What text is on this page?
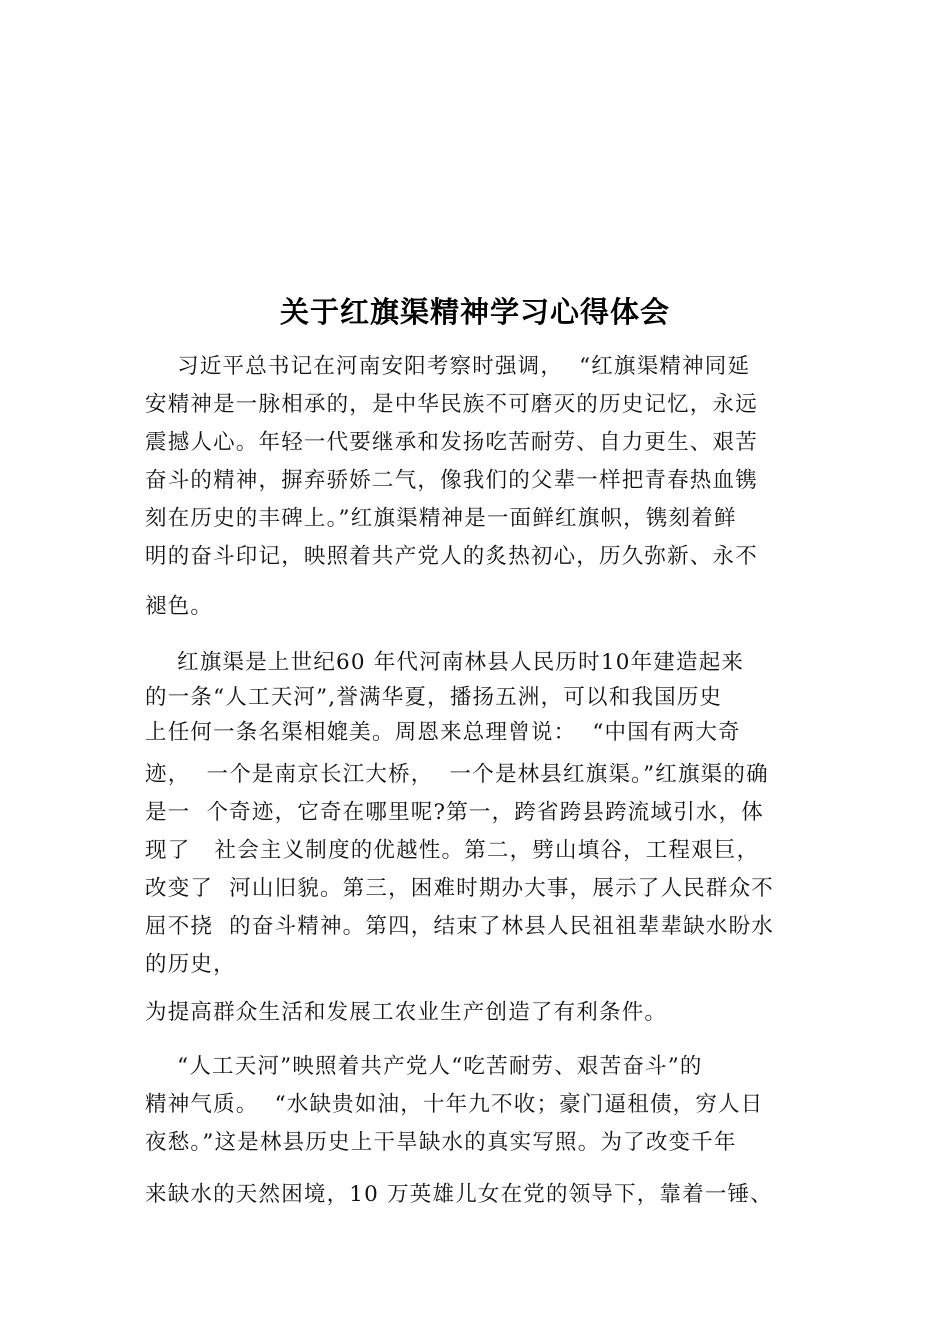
关于红旗渠精神学习心得体会
习近平总书记在河南安阳考察时强调，  “红旗渠精神同延
安精神是一脉相承的，是中华民族不可磨灭的历史记忆，永远
震撼人心。年轻一代要继承和发扬吃苦耐劳、自力更生、艰苦
奋斗的精神，摒弃骄娇二气，像我们的父辈一样把青春热血镌
刻在历史的丰碑上。”红旗渠精神是一面鲜红旗帜，镌刻着鲜
明的奋斗印记，映照着共产党人的炙热初心，历久弥新、永不
褪色。
红旗渠是上世纪60 年代河南林县人民历时10年建造起来
的一条“人工天河”,誉满华夏，播扬五洲，可以和我国历史
上任何一条名渠相媲美。周恩来总理曾说：  “中国有两大奇
迹，  一个是南京长江大桥，  一个是林县红旗渠。”红旗渠的确
是一  个奇迹，它奇在哪里呢?第一，跨省跨县跨流域引水，体
现了   社会主义制度的优越性。第二，劈山填谷，工程艰巨，
改变了  河山旧貌。第三，困难时期办大事，展示了人民群众不
屈不挠  的奋斗精神。第四，结束了林县人民祖祖辈辈缺水盼水
的历史，
为提高群众生活和发展工农业生产创造了有利条件。
“人工天河”映照着共产党人“吃苦耐劳、艰苦奋斗”的
精神气质。  “水缺贵如油，十年九不收；豪门逼租债，穷人日
夜愁。”这是林县历史上干旱缺水的真实写照。为了改变千年
来缺水的天然困境，10 万英雄儿女在党的领导下，靠着一锤、
